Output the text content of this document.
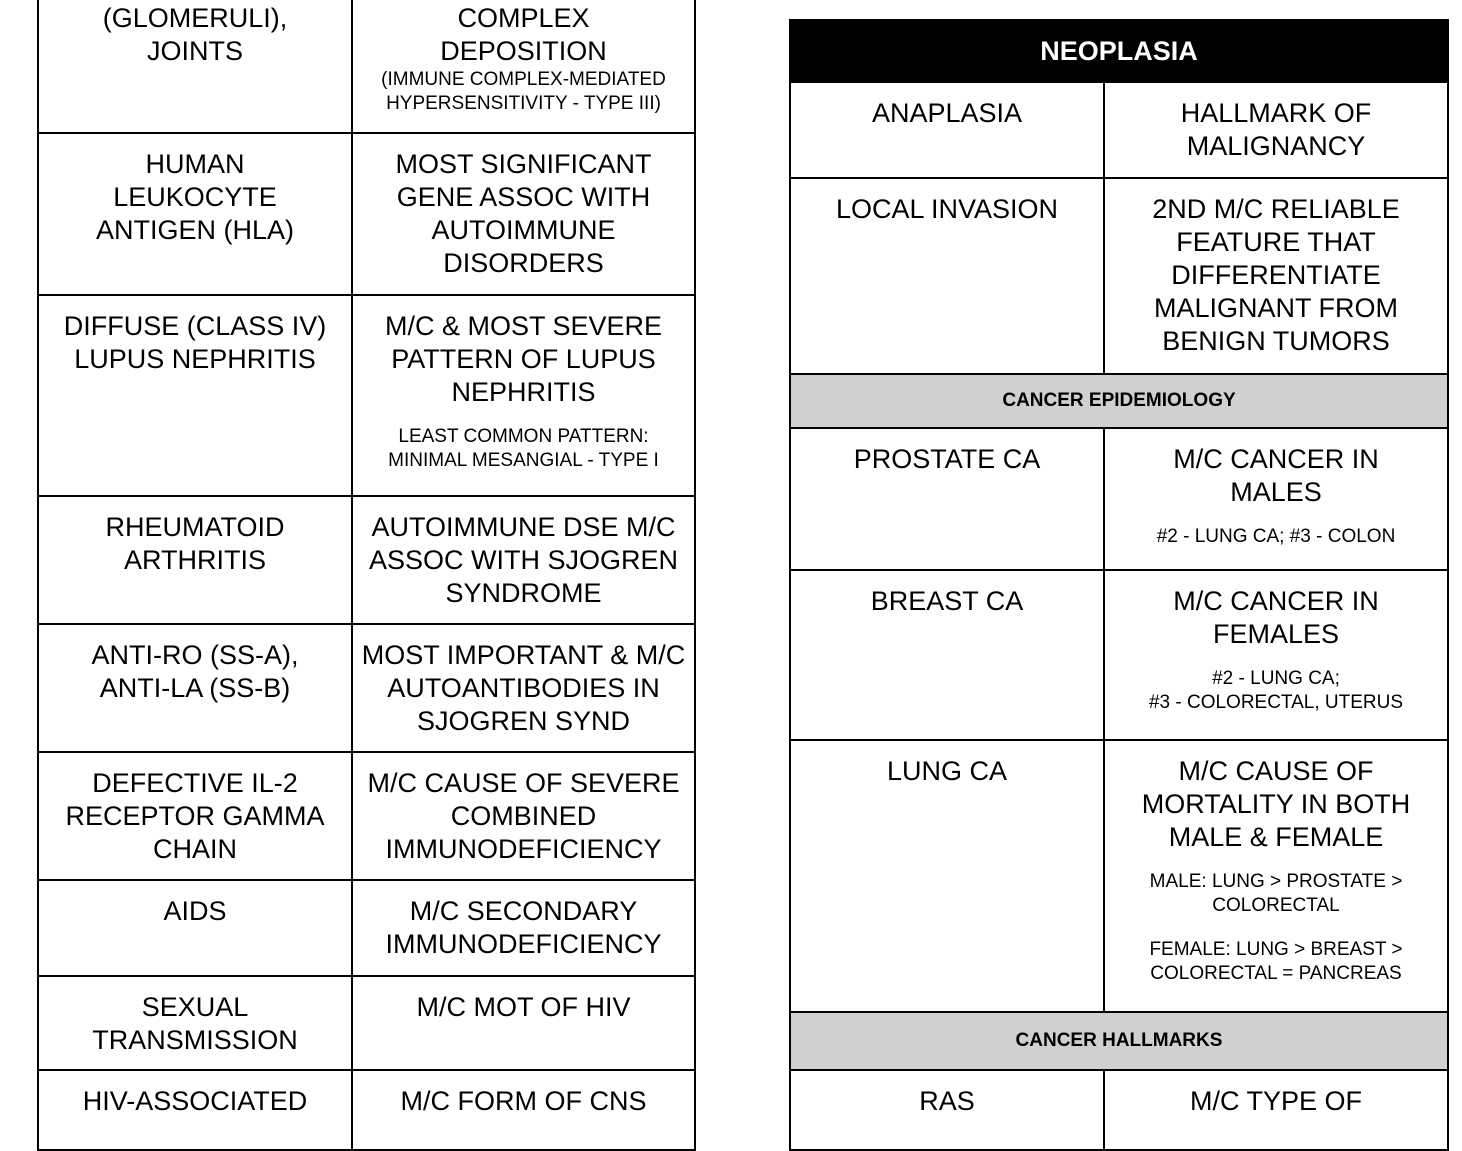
(GLOMERULI), JOINTS	COMPLEX DEPOSITION
(IMMUNE COMPLEX-MEDIATED HYPERSENSITIVITY - TYPE III)

HUMAN LEUKOCYTE ANTIGEN (HLA)	MOST SIGNIFICANT GENE ASSOC WITH AUTOIMMUNE DISORDERS

DIFFUSE (CLASS IV) LUPUS NEPHRITIS	M/C & MOST SEVERE PATTERN OF LUPUS NEPHRITIS
LEAST COMMON PATTERN: MINIMAL MESANGIAL - TYPE I

RHEUMATOID ARTHRITIS	AUTOIMMUNE DSE M/C ASSOC WITH SJOGREN SYNDROME

ANTI-RO (SS-A), ANTI-LA (SS-B)	MOST IMPORTANT & M/C AUTOANTIBODIES IN SJOGREN SYND

DEFECTIVE IL-2 RECEPTOR GAMMA CHAIN	M/C CAUSE OF SEVERE COMBINED IMMUNODEFICIENCY

AIDS	M/C SECONDARY IMMUNODEFICIENCY

SEXUAL TRANSMISSION	M/C MOT OF HIV

HIV-ASSOCIATED	M/C FORM OF CNS
NEOPLASIA	

ANAPLASIA	HALLMARK OF MALIGNANCY

LOCAL INVASION	2ND M/C RELIABLE FEATURE THAT DIFFERENTIATE MALIGNANT FROM BENIGN TUMORS

CANCER EPIDEMIOLOGY	

PROSTATE CA	M/C CANCER IN MALES
#2 - LUNG CA; #3 - COLON

BREAST CA	M/C CANCER IN FEMALES
#2 - LUNG CA;
#3 - COLORECTAL, UTERUS

LUNG CA	M/C CAUSE OF MORTALITY IN BOTH MALE & FEMALE
MALE: LUNG > PROSTATE > COLORECTAL
FEMALE: LUNG > BREAST > COLORECTAL = PANCREAS

CANCER HALLMARKS	

RAS	M/C TYPE OF
